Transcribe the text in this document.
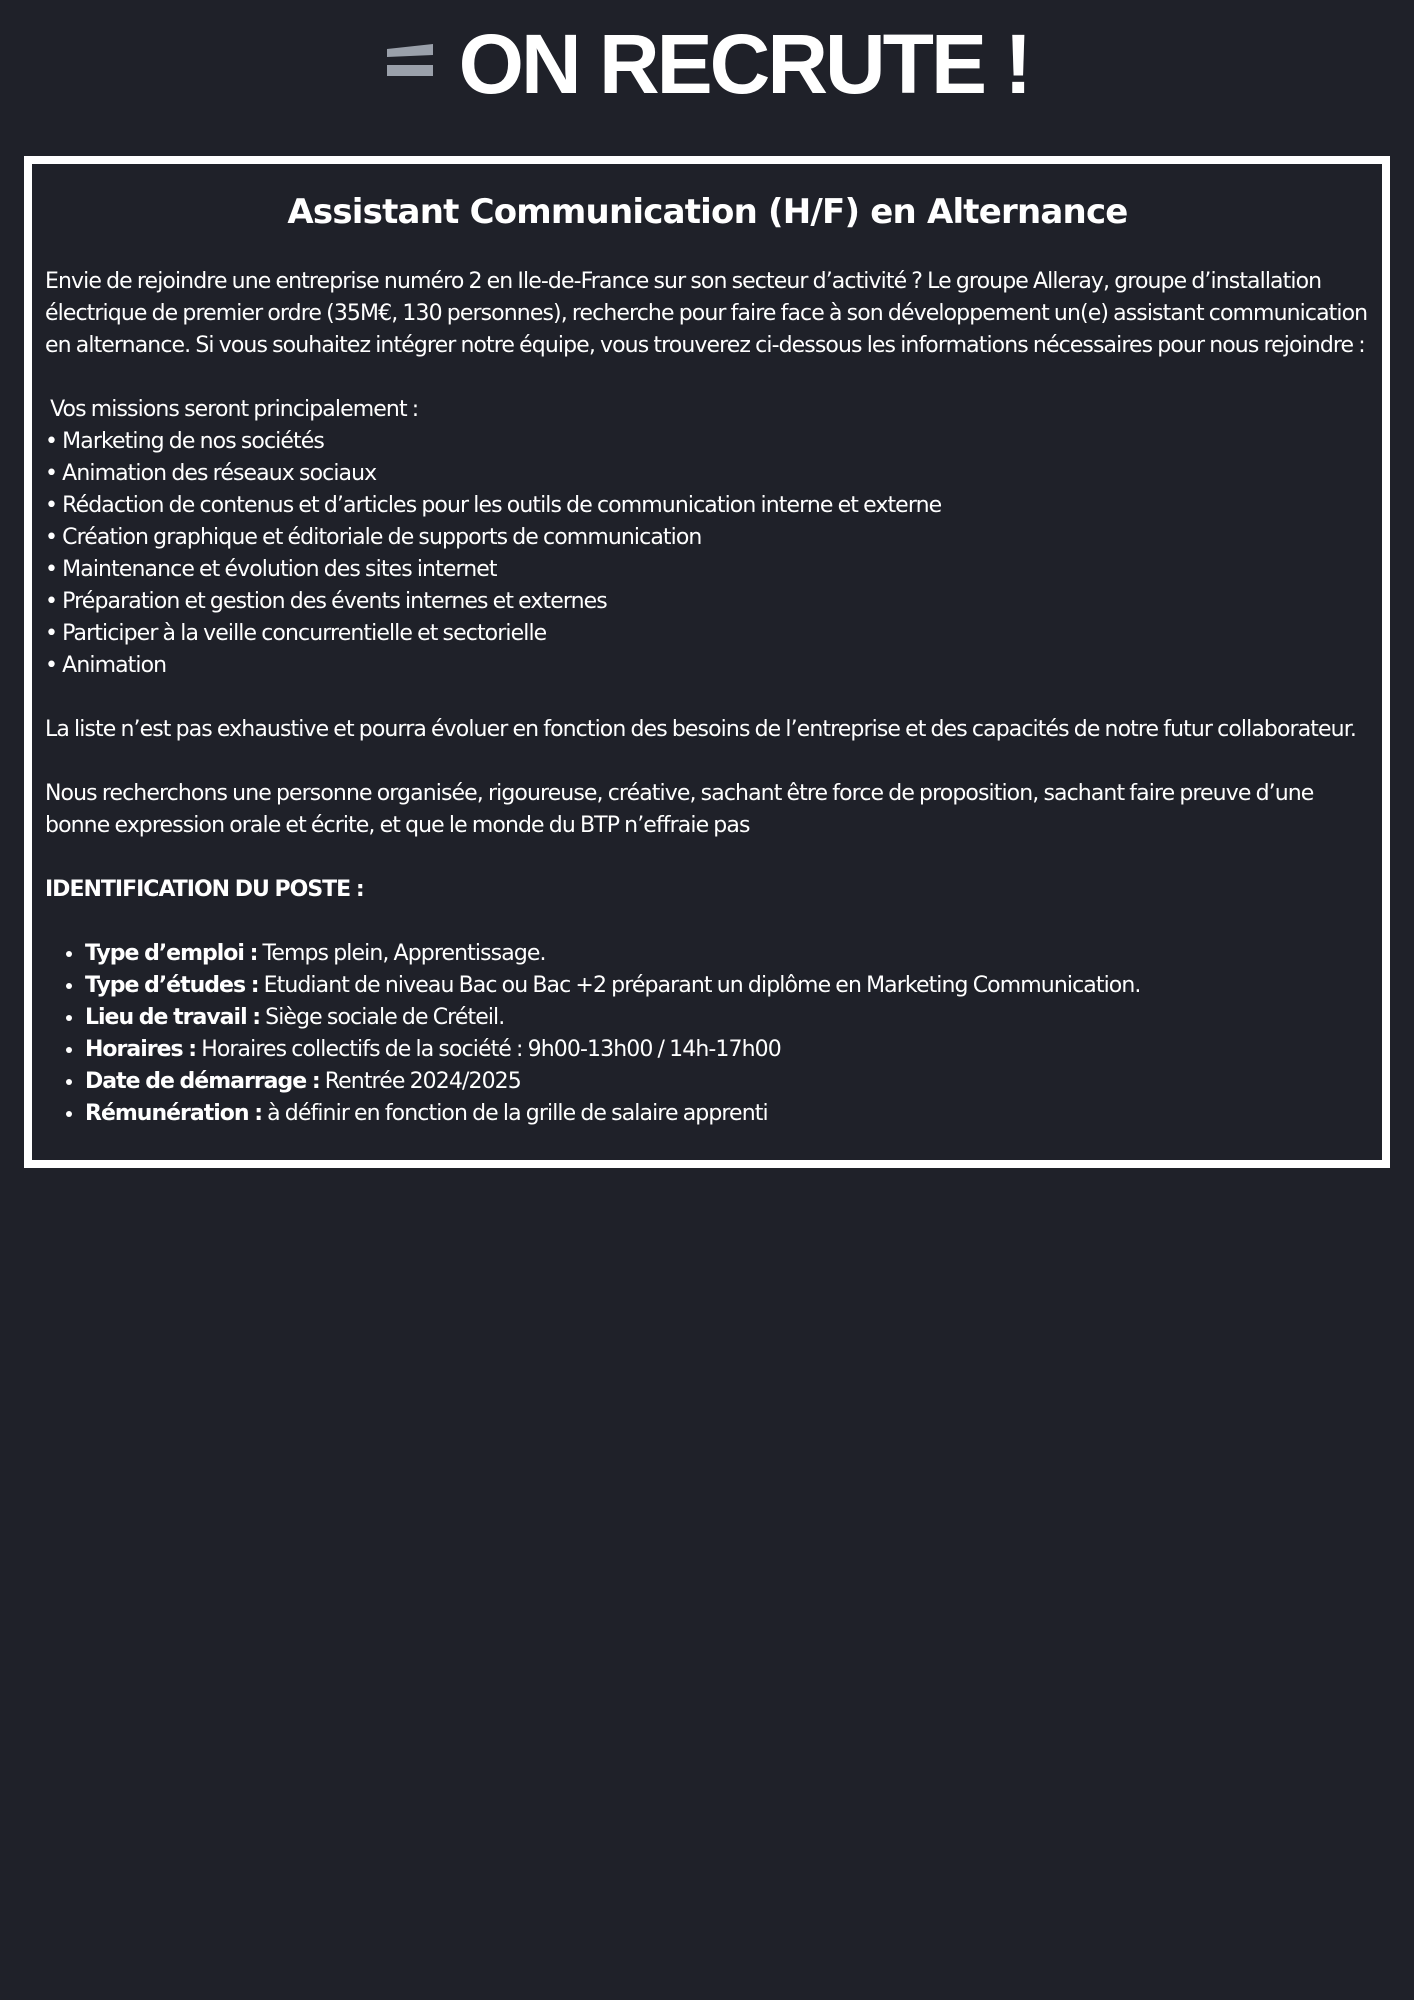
ON RECRUTE !
Assistant Communication (H/F) en Alternance

Envie de rejoindre une entreprise numéro 2 en Ile-de-France sur son secteur d’activité ? Le groupe Alleray, groupe d’installation

électrique de premier ordre (35M€, 130 personnes), recherche pour faire face à son développement un(e) assistant communication

en alternance. Si vous souhaitez intégrer notre équipe, vous trouverez ci-dessous les informations nécessaires pour nous rejoindre :

Vos missions seront principalement :

• Marketing de nos sociétés

• Animation des réseaux sociaux

• Rédaction de contenus et d’articles pour les outils de communication interne et externe

• Création graphique et éditoriale de supports de communication

• Maintenance et évolution des sites internet

• Préparation et gestion des évents internes et externes

• Participer à la veille concurrentielle et sectorielle

• Animation

La liste n’est pas exhaustive et pourra évoluer en fonction des besoins de l’entreprise et des capacités de notre futur collaborateur.

Nous recherchons une personne organisée, rigoureuse, créative, sachant être force de proposition, sachant faire preuve d’une

bonne expression orale et écrite, et que le monde du BTP n’effraie pas

IDENTIFICATION DU POSTE :

• Type d’emploi : Temps plein, Apprentissage.
• Type d’études : Etudiant de niveau Bac ou Bac +2 préparant un diplôme en Marketing Communication.
• Lieu de travail : Siège sociale de Créteil.
• Horaires : Horaires collectifs de la société : 9h00-13h00 / 14h-17h00
• Date de démarrage : Rentrée 2024/2025
• Rémunération : à définir en fonction de la grille de salaire apprenti
